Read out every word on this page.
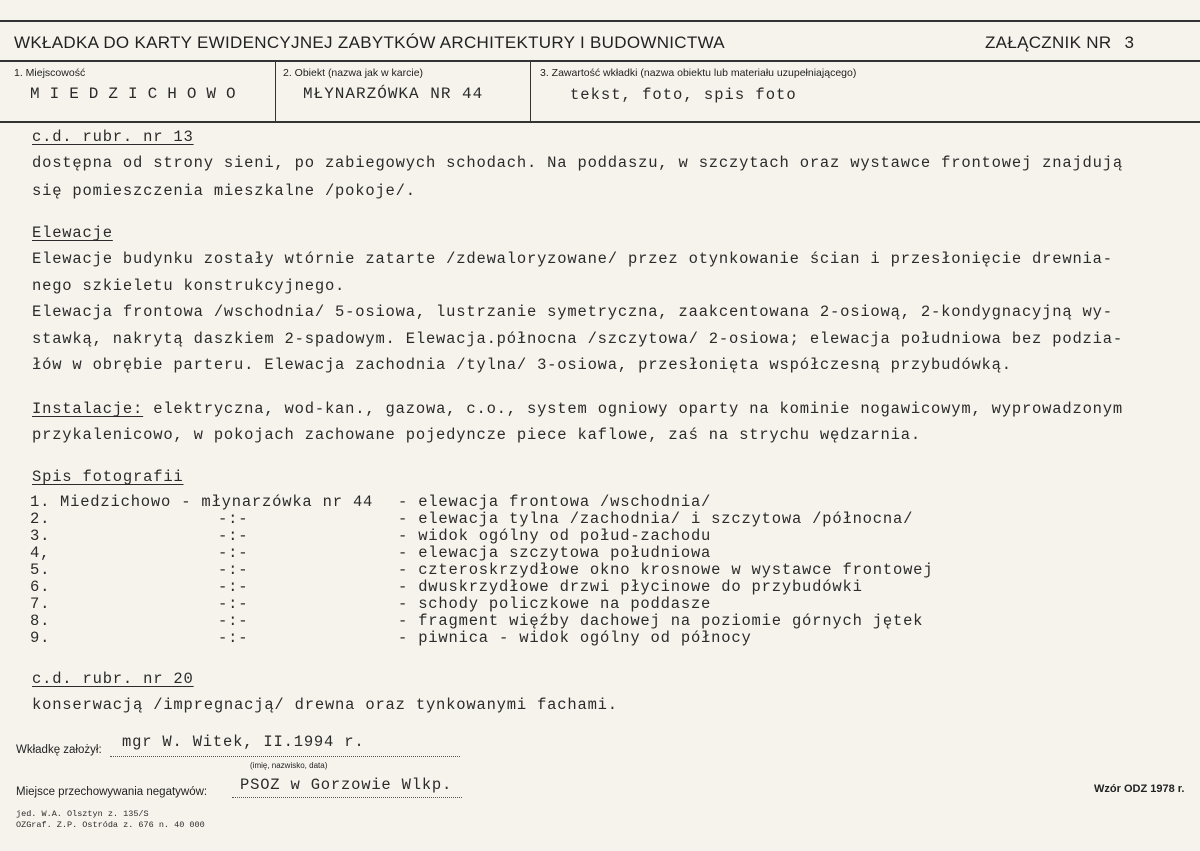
WKŁADKA DO KARTY EWIDENCYJNEJ ZABYTKÓW ARCHITEKTURY I BUDOWNICTWA	ZAŁĄCZNIK NR 3
1. Miejscowość
MIEDZICHOWO
2. Obiekt (nazwa jak w karcie)
MŁYNARZÓWKA NR 44
3. Zawartość wkładki (nazwa obiektu lub materiału uzupełniającego)
tekst, foto, spis foto
c.d. rubr. nr 13
dostępna od strony sieni, po zabiegowych schodach. Na poddaszu, w szczytach oraz wystawce frontowej znajdują
się pomieszczenia mieszkalne /pokoje/.
Elewacje
Elewacje budynku zostały wtórnie zatarte /zdewaloryzowane/ przez otynkowanie ścian i przesłonięcie drewnia-
nego szkieletu konstrukcyjnego.
Elewacja frontowa /wschodnia/ 5-osiowa, lustrzanie symetryczna, zaakcentowana 2-osiową, 2-kondygnacyjną wy-
stawką, nakrytą daszkiem 2-spadowym. Elewacja.północna /szczytowa/ 2-osiowa; elewacja południowa bez podzia-
łów w obrębie parteru. Elewacja zachodnia /tylna/ 3-osiowa, przesłonięta współczesną przybudówką.
Instalacje: elektryczna, wod-kan., gazowa, c.o., system ogniowy oparty na kominie nogawicowym, wyprowadzonym
przykalenicowo, w pokojach zachowane pojedyncze piece kaflowe, zaś na strychu wędzarnia.
Spis fotografii
1. Miedzichowo - młynarzówka nr 44 - elewacja frontowa /wschodnia/
2.	-:-	- elewacja tylna /zachodnia/ i szczytowa /północna/
3.	-:-	- widok ogólny od połud-zachodu
4,	-:-	- elewacja szczytowa południowa
5.	-:-	- czteroskrzydłowe okno krosnowe w wystawce frontowej
6.	-:-	- dwuskrzydłowe drzwi płycinowe do przybudówki
7.	-:-	- schody policzkowe na poddasze
8.	-:-	- fragment więźby dachowej na poziomie górnych jętek
9.	-:-	- piwnica - widok ogólny od północy
c.d. rubr. nr 20
konserwacją /impregnacją/ drewna oraz tynkowanymi fachami.
Wkładkę założył: mgr W. Witek, II.1994 r.
(imię, nazwisko, data)
Miejsce przechowywania negatywów: PSOZ w Gorzowie Wlkp.	Wzór ODZ 1978 r.
jed. W.A. Olsztyn z. 135/S
OZGraf. Z.P. Ostróda z. 676 n. 40 000
